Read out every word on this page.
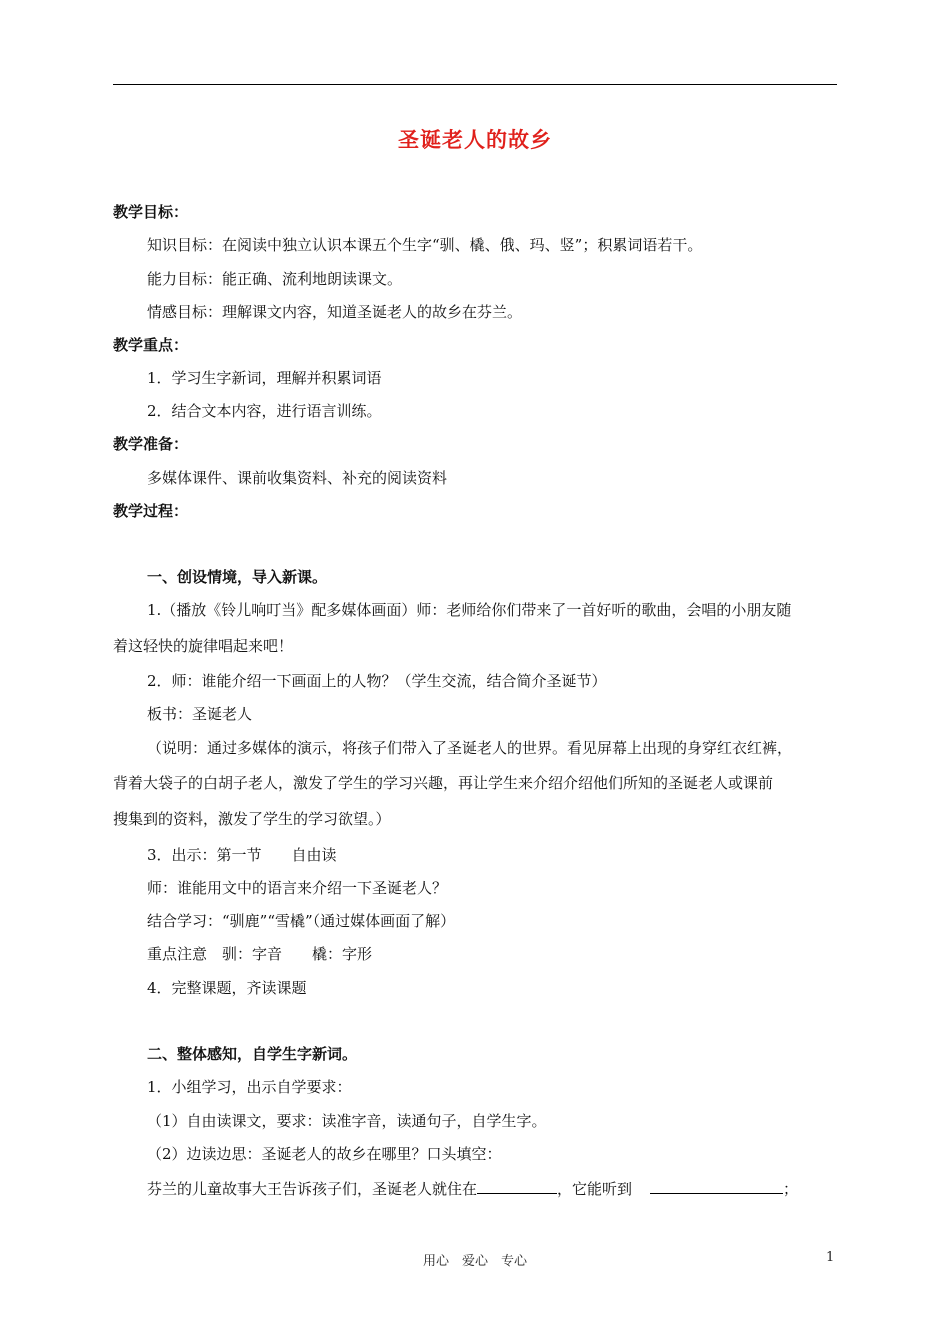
圣诞老人的故乡
教学目标：
知识目标：在阅读中独立认识本课五个生字“驯、橇、俄、玛、竖”；积累词语若干。
能力目标：能正确、流利地朗读课文。
情感目标：理解课文内容，知道圣诞老人的故乡在芬兰。
教学重点：
1．学习生字新词，理解并积累词语
2．结合文本内容，进行语言训练。
教学准备：
多媒体课件、课前收集资料、补充的阅读资料
教学过程：
一、创设情境，导入新课。
1.（播放《铃儿响叮当》配多媒体画面）师：老师给你们带来了一首好听的歌曲，会唱的小朋友随
着这轻快的旋律唱起来吧！
2．师：谁能介绍一下画面上的人物？（学生交流，结合简介圣诞节）
板书：圣诞老人
（说明：通过多媒体的演示，将孩子们带入了圣诞老人的世界。看见屏幕上出现的身穿红衣红裤，
背着大袋子的白胡子老人，激发了学生的学习兴趣，再让学生来介绍介绍他们所知的圣诞老人或课前
搜集到的资料，激发了学生的学习欲望。）
3．出示：第一节　　自由读
师：谁能用文中的语言来介绍一下圣诞老人？
结合学习：“驯鹿”“雪橇”（通过媒体画面了解）
重点注意　驯：字音　　橇：字形
4．完整课题，齐读课题
二、整体感知，自学生字新词。
1．小组学习，出示自学要求：
（1）自由读课文，要求：读准字音，读通句子，自学生字。
（2）边读边思：圣诞老人的故乡在哪里？口头填空：
芬兰的儿童故事大王告诉孩子们，圣诞老人就住在	，它能听到	；
用心　爱心　专心	1
